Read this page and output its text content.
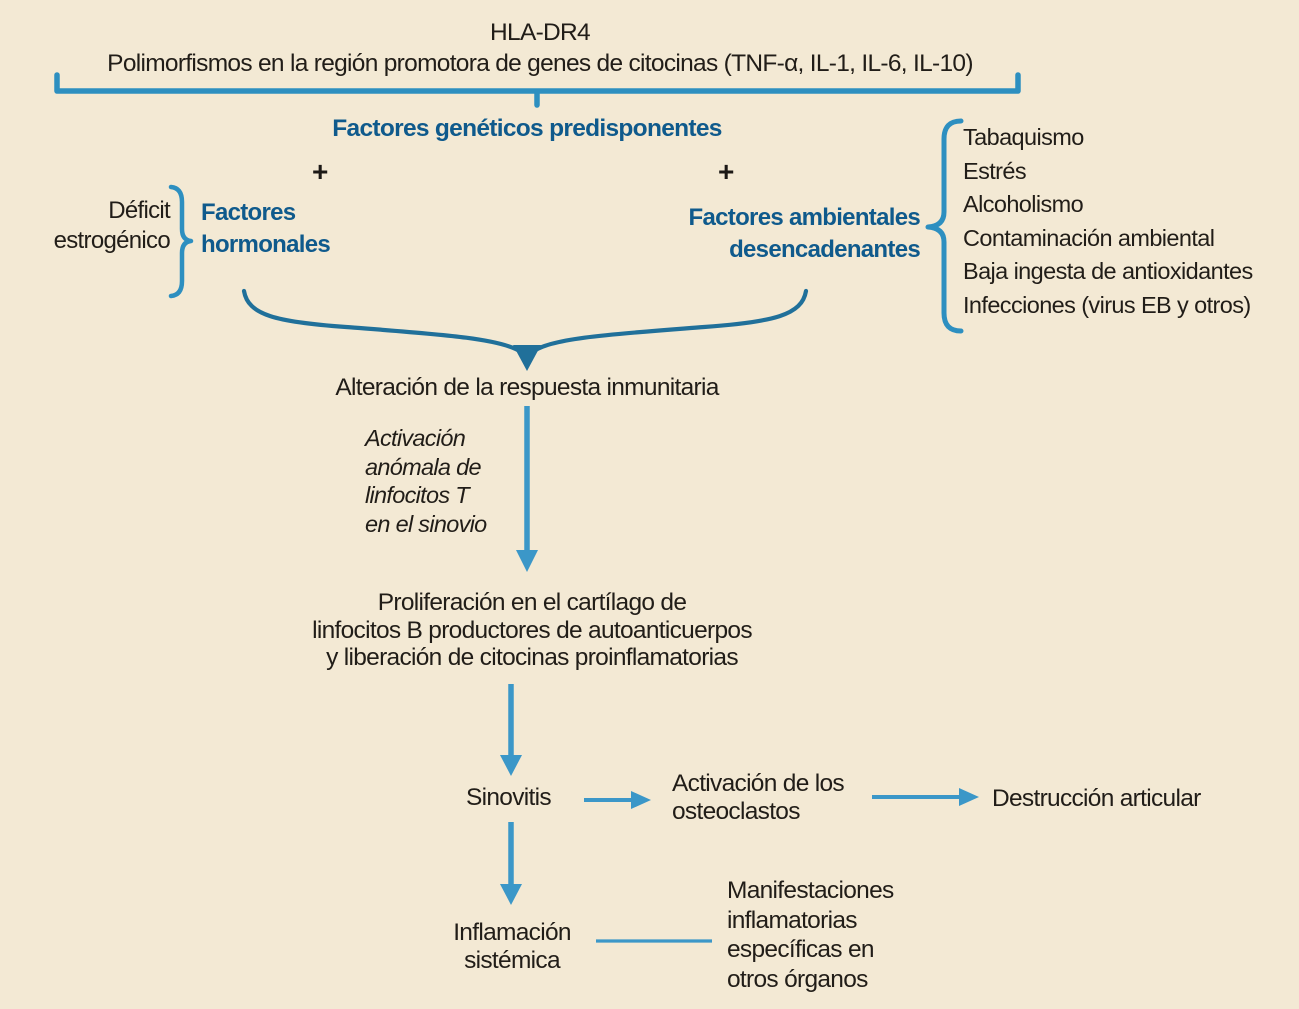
HLA-DR4
Polimorfismos en la región promotora de genes de citocinas (TNF-α, IL-1, IL-6, IL-10)
Factores genéticos predisponentes
+	+
Déficit
estrogénico
Factores
hormonales
Factores ambientales
desencadenantes
Tabaquismo
Estrés
Alcoholismo
Contaminación ambiental
Baja ingesta de antioxidantes
Infecciones (virus EB y otros)
Alteración de la respuesta inmunitaria
Activación
anómala de
linfocitos T
en el sinovio
Proliferación en el cartílago de
linfocitos B productores de autoanticuerpos
y liberación de citocinas proinflamatorias
Sinovitis
Activación de los
osteoclastos	Destrucción articular
Inflamación
sistémica
Manifestaciones
inflamatorias
específicas en
otros órganos
